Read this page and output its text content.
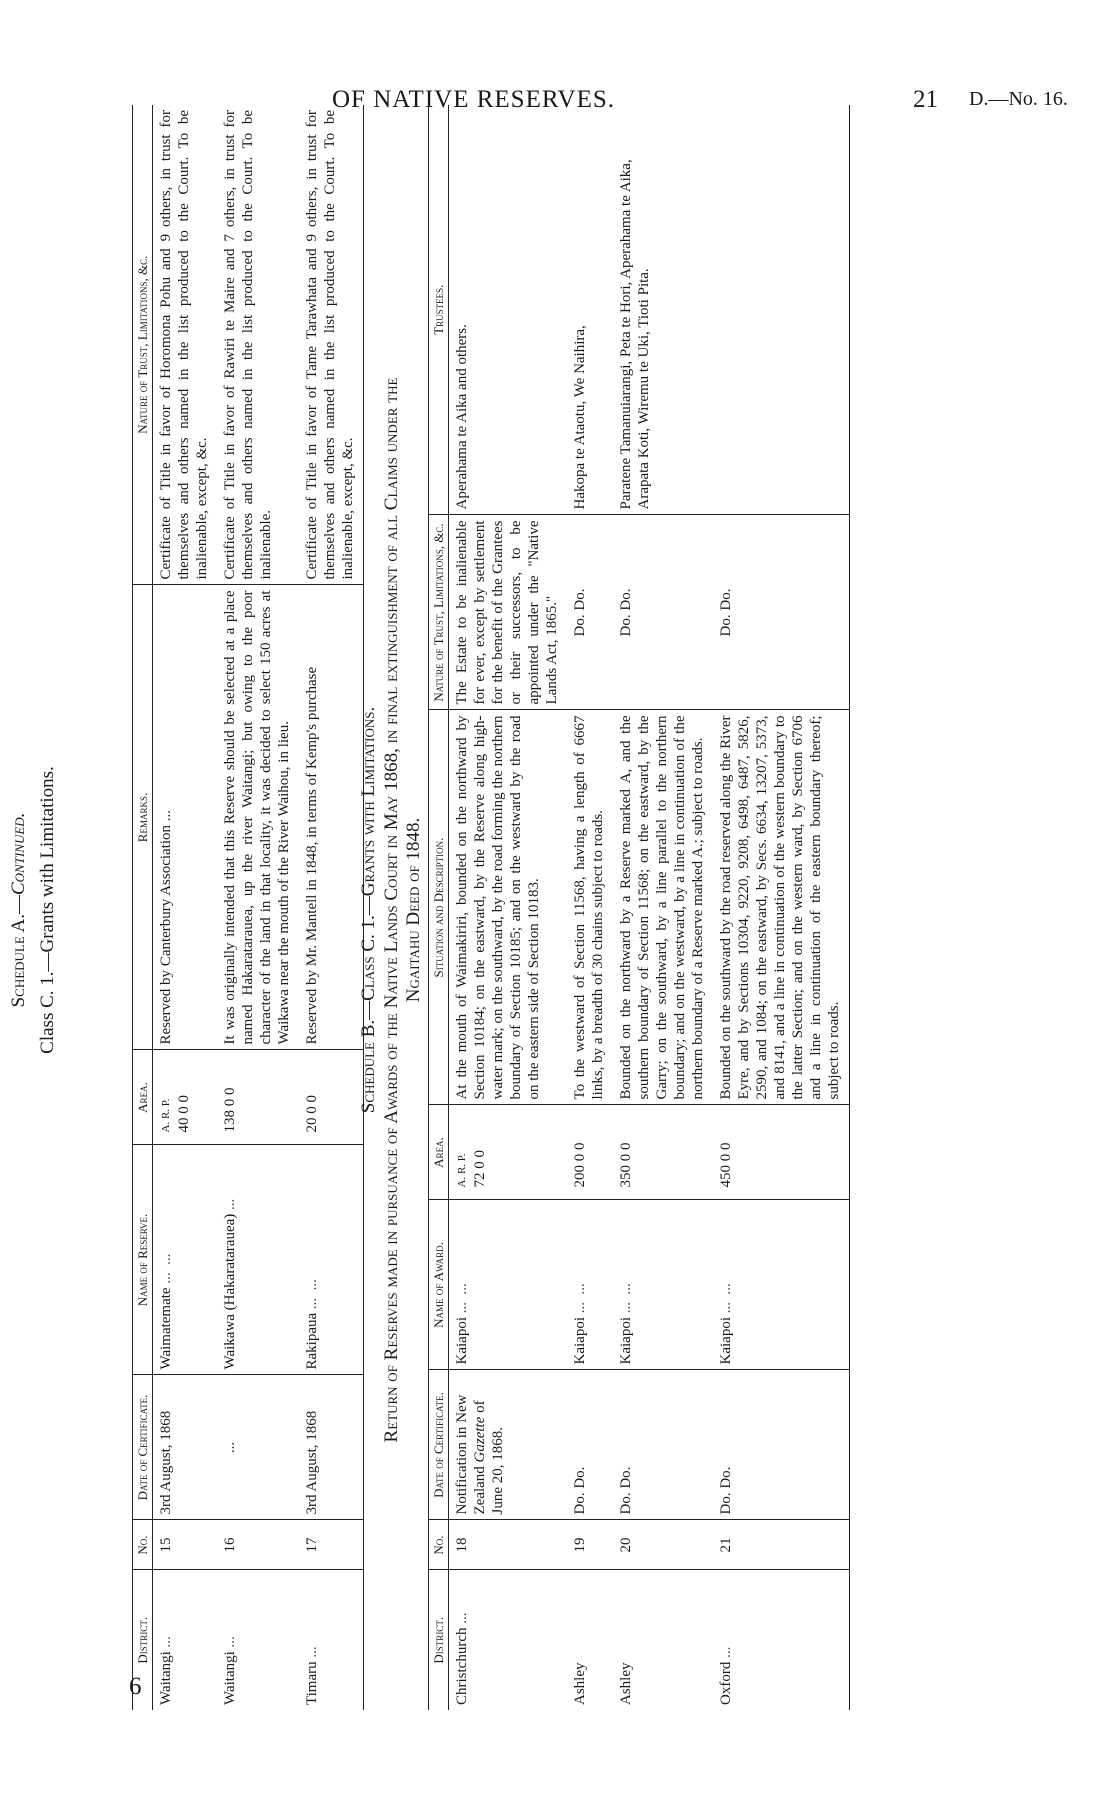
OF NATIVE RESERVES.	21 D.—No. 16.
6
Schedule A.—Continued. Class C. 1.—Grants with Limitations.
District.	No.	Date of Certificate.	Name of Reserve.	Area.	Remarks.	Nature of Trust, Limitations, &c.
Waitangi ...	15	3rd August, 1868	Waimatemate ...  ...	A. R. P. 40 0 0	Reserved by Canterbury Association ...	Certificate of Title in favor of Horomona Pohu and 9 others, in trust for themselves and others named in the list produced to the Court. To be inalienable, except, &c.
Waitangi ...	16	...	Waikawa (Hakaratarauea) ...	138 0 0	It was originally intended that this Reserve should be selected at a place named Hakaratarauea, up the river Waitangi; but owing to the poor character of the land in that locality, it was decided to select 150 acres at Waikawa near the mouth of the River Waihou, in lieu.	Certificate of Title in favor of Rawiri te Maire and 7 others, in trust for themselves and others named in the list produced to the Court. To be inalienable.
Timaru ...	17	3rd August, 1868	Rakipaua ...  ...	20 0 0	Reserved by Mr. Mantell in 1848, in terms of Kemp's purchase	Certificate of Title in favor of Tame Tarawhata and 9 others, in trust for themselves and others named in the list produced to the Court. To be inalienable, except, &c.
Schedule B.—Class C. 1.—Grants with Limitations. Return of Reserves made in pursuance of Awards of the Native Lands Court in May 1868, in final extinguishment of all Claims under the Ngaitahu Deed of 1848.
District.	No.	Date of Certificate.	Name of Award.	Area.	Situation and Description.	Nature of Trust, Limitations, &c.	Trustees.
Christchurch ...	18	Notification in New Zealand Gazette of June 20, 1868.	Kaiapoi ...  ...	A. R. P. 72 0 0	At the mouth of Waimakiriri, bounded on the northward by Section 10184; on the eastward, by the Reserve along high-water mark; on the southward, by the road forming the northern boundary of Section 10185; and on the westward by the road on the eastern side of Section 10183.	The Estate to be inalienable for ever, except by settlement for the benefit of the Grantees or their successors, to be appointed under the "Native Lands Act, 1865."	Aperahama te Aika and others.
Ashley	19	Do. Do.	Kaiapoi ...  ...	200 0 0	To the westward of Section 11568, having a length of 6667 links, by a breadth of 30 chains subject to roads.	Do. Do.	Hakopa te Ataotu, We Naihira,
Ashley	20	Do. Do.	Kaiapoi ...  ...	350 0 0	Bounded on the northward by a Reserve marked A, and the southern boundary of Section 11568; on the eastward, by the Garry; on the southward, by a line parallel to the northern boundary; and on the westward, by a line in continuation of the northern boundary of a Reserve marked A.; subject to roads.	Do. Do.	Paratene Tamanuiarangi, Peta te Hori, Aperahama te Aika, Arapata Koti, Wiremu te Uki, Tioti Pita.
Oxford ...	21	Do. Do.	Kaiapoi ...  ...	450 0 0	Bounded on the southward by the road reserved along the River Eyre, and by Sections 10304, 9220, 9208, 6498, 6487, 5826, 2590, and 1084; on the eastward, by Secs. 6634, 13207, 5373, and 8141, and a line in continuation of the western boundary to the latter Section; and on the western ward, by Section 6706 and a line in continuation of the eastern boundary thereof; subject to roads.	Do. Do.	
